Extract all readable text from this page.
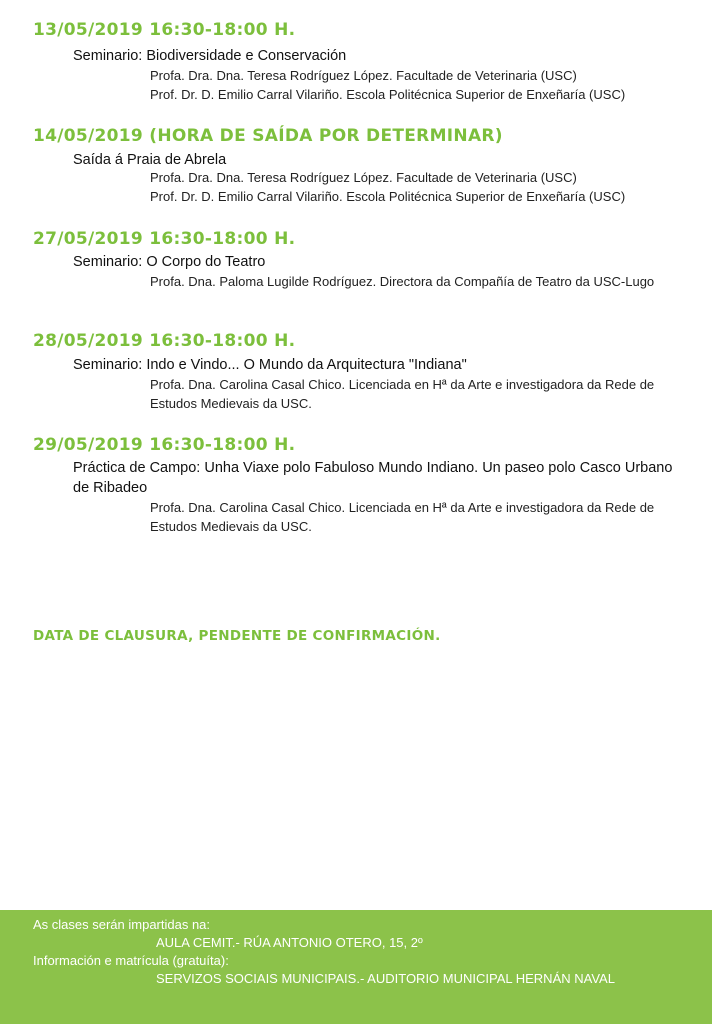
13/05/2019 16:30-18:00 H.
Seminario: Biodiversidade e Conservación
Profa. Dra. Dna. Teresa Rodríguez López. Facultade de Veterinaria (USC)
Prof. Dr. D. Emilio Carral Vilariño. Escola Politécnica Superior de Enxeñaría (USC)
14/05/2019 (HORA DE SAÍDA POR DETERMINAR)
Saída á Praia de Abrela
Profa. Dra. Dna. Teresa Rodríguez López. Facultade de Veterinaria (USC)
Prof. Dr. D. Emilio Carral Vilariño. Escola Politécnica Superior de Enxeñaría (USC)
27/05/2019 16:30-18:00 H.
Seminario: O Corpo do Teatro
Profa. Dna. Paloma Lugilde Rodríguez. Directora da Compañía de Teatro da USC-Lugo
28/05/2019 16:30-18:00 H.
Seminario: Indo e Vindo... O Mundo da Arquitectura "Indiana"
Profa. Dna. Carolina Casal Chico. Licenciada en Hª da Arte e investigadora da Rede de Estudos Medievais da USC.
29/05/2019 16:30-18:00 H.
Práctica de Campo: Unha Viaxe polo Fabuloso Mundo Indiano. Un paseo polo Casco Urbano de Ribadeo
Profa. Dna. Carolina Casal Chico. Licenciada en Hª da Arte e investigadora da Rede de Estudos Medievais da USC.
DATA DE CLAUSURA, PENDENTE DE CONFIRMACIÓN.
As clases serán impartidas na:
AULA CEMIT.- RÚA ANTONIO OTERO, 15, 2º
Información e matrícula (gratuíta):
SERVIZOS SOCIAIS MUNICIPAIS.- AUDITORIO MUNICIPAL HERNÁN NAVAL
